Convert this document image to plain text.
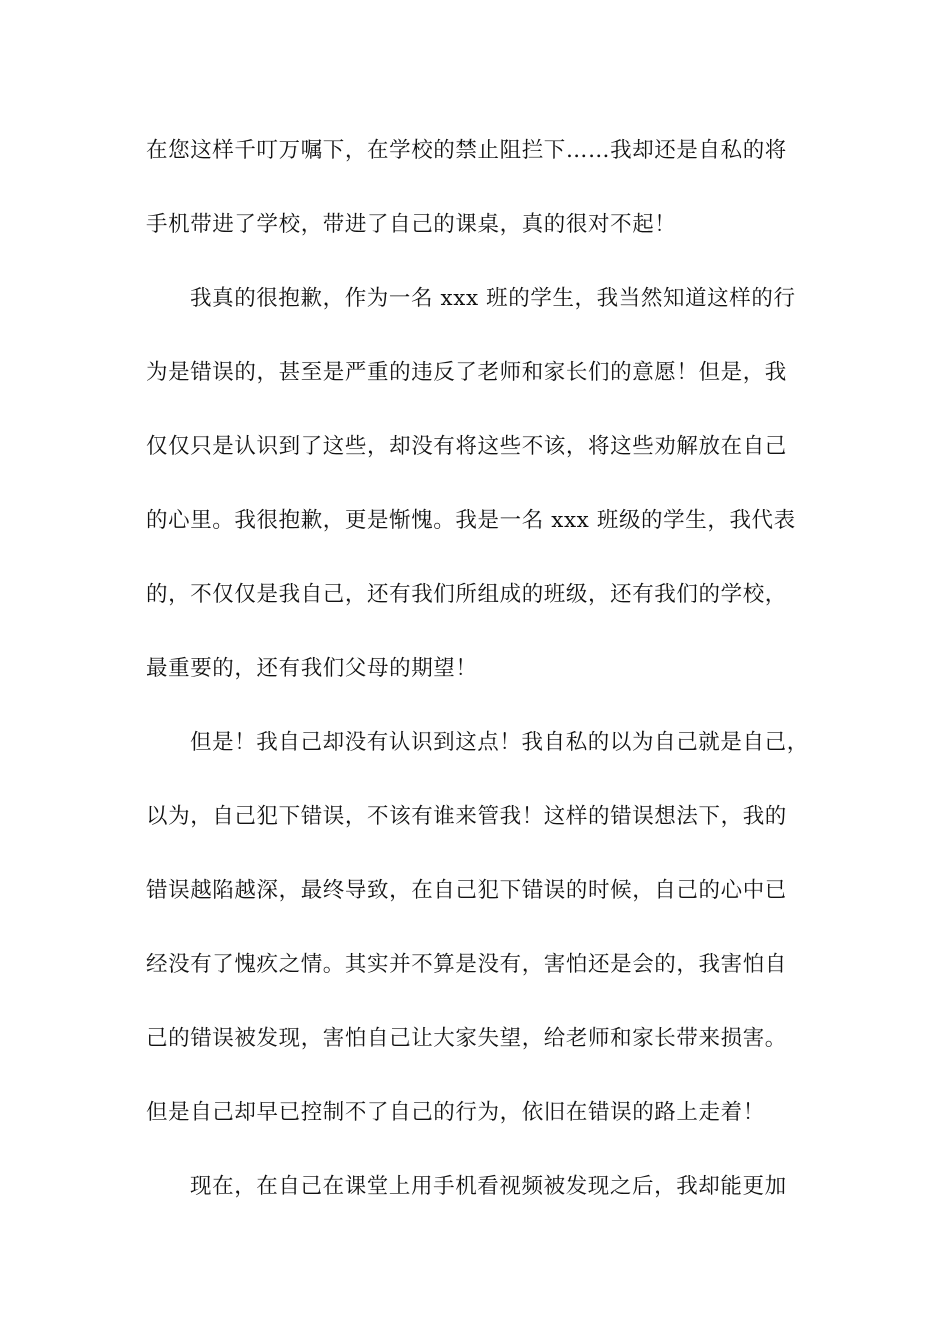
在您这样千叮万嘱下，在学校的禁止阻拦下……我却还是自私的将
手机带进了学校，带进了自己的课桌，真的很对不起！
我真的很抱歉，作为一名 xxx 班的学生，我当然知道这样的行
为是错误的，甚至是严重的违反了老师和家长们的意愿！但是，我
仅仅只是认识到了这些，却没有将这些不该，将这些劝解放在自己
的心里。我很抱歉，更是惭愧。我是一名 xxx 班级的学生，我代表
的，不仅仅是我自己，还有我们所组成的班级，还有我们的学校，
最重要的，还有我们父母的期望！
但是！我自己却没有认识到这点！我自私的以为自己就是自己，
以为，自己犯下错误，不该有谁来管我！这样的错误想法下，我的
错误越陷越深，最终导致，在自己犯下错误的时候，自己的心中已
经没有了愧疚之情。其实并不算是没有，害怕还是会的，我害怕自
己的错误被发现，害怕自己让大家失望，给老师和家长带来损害。
但是自己却早已控制不了自己的行为，依旧在错误的路上走着！
现在，在自己在课堂上用手机看视频被发现之后，我却能更加
